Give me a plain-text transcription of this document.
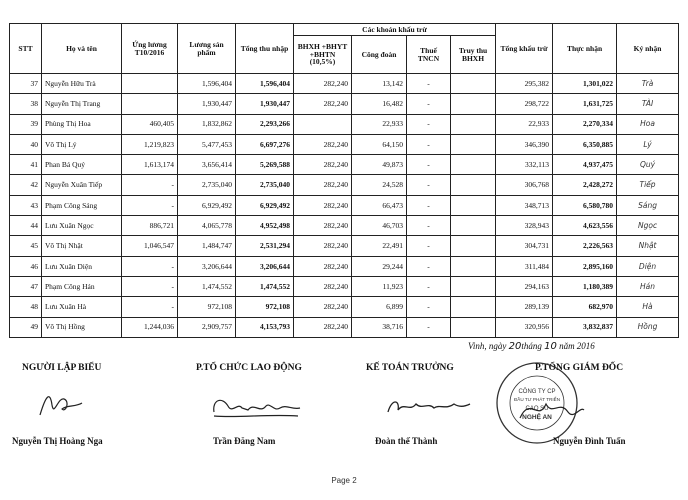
STT	Họ và tên	Ứng lương T10/2016	Lương sản phẩm	Tổng thu nhập	Các khoản khấu trừ				Tổng khấu trừ	Thực nhận	Ký nhận
					BHXH +BHYT +BHTN (10,5%)	Công đoàn	Thuế TNCN	Truy thu BHXH			
37	Nguyễn Hữu Trà		1,596,404	1,596,404	282,240	13,142	-		295,382	1,301,022	Trà
38	Nguyễn Thị Trang		1,930,447	1,930,447	282,240	16,482	-		298,722	1,631,725	TÀI
39	Phùng Thị Hoa	460,405	1,832,862	2,293,266		22,933	-		22,933	2,270,334	Hoa
40	Võ Thị Lý	1,219,823	5,477,453	6,697,276	282,240	64,150	-		346,390	6,350,885	Lý
41	Phan Bá Quý	1,613,174	3,656,414	5,269,588	282,240	49,873	-		332,113	4,937,475	Quý
42	Nguyễn Xuân Tiếp	-	2,735,040	2,735,040	282,240	24,528	-		306,768	2,428,272	Tiếp
43	Phạm Công Sáng	-	6,929,492	6,929,492	282,240	66,473	-		348,713	6,580,780	Sáng
44	Lưu Xuân Ngọc	886,721	4,065,778	4,952,498	282,240	46,703	-		328,943	4,623,556	Ngọc
45	Võ Thị Nhật	1,046,547	1,484,747	2,531,294	282,240	22,491	-		304,731	2,226,563	Nhật
46	Lưu Xuân Diện	-	3,206,644	3,206,644	282,240	29,244	-		311,484	2,895,160	Diện
47	Phạm Công Hán	-	1,474,552	1,474,552	282,240	11,923	-		294,163	1,180,389	Hán
48	Lưu Xuân Hà	-	972,108	972,108	282,240	6,899	-		289,139	682,970	Hà
49	Võ Thị Hồng	1,244,036	2,909,757	4,153,793	282,240	38,716	-		320,956	3,832,837	Hồng
Vinh, ngày 20tháng 10 năm 2016
NGƯỜI LẬP BIỂU	P.TỔ CHỨC LAO ĐỘNG	KẾ TOÁN TRƯỞNG	P.TỔNG GIÁM ĐỐC
CÔNG TY CP
ĐẦU TƯ PHÁT TRIỂN
CAO SU
NGHỆ AN
Nguyễn Thị Hoàng Nga	Trần Đăng Nam	Đoàn thế Thành	Nguyễn Đình Tuấn
Page 2
